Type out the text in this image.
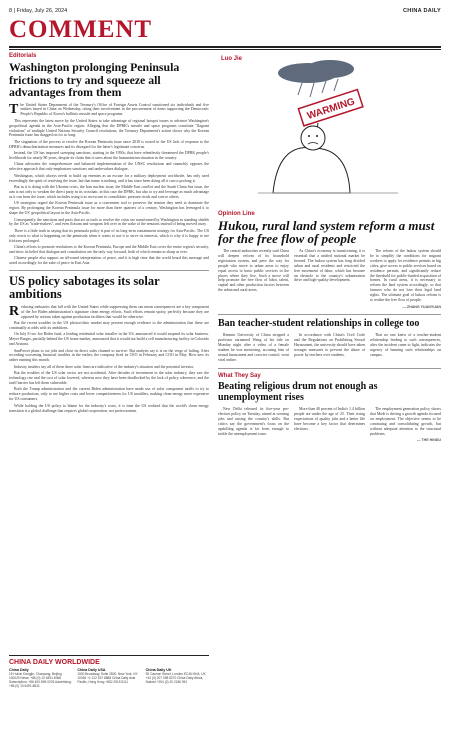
8 | Friday, July 26, 2024	CHINA DAILY
COMMENT
Editorials
Washington prolonging Peninsula frictions to try and squeeze all advantages from them
T he United States Department of the Treasury's Office of Foreign Assets Control sanctioned six individuals and five entities based in China on Wednesday, citing their involvement in the procurement of items supporting the Democratic People's Republic of Korea's ballistic missile and space programs.

This represents the latest move by the United States to take advantage of regional hotspot issues to advance Washington's geopolitical agenda in the Asia-Pacific region. Alleging that the DPRK's missile and space programs constitute "flagrant violations" of multiple United Nations Security Council resolutions, the Treasury Department's action shows why the Korean Peninsula issue has dragged on for so long.

The stagnation of the process to resolve the Korean Peninsula issue since 2018 is rooted in the US lack of response to the DPRK's denuclearization measures and its disregard for the latter's legitimate concerns.

Instead, the US has imposed sweeping sanctions, starting in the 1950s, that have relentlessly threatened the DPRK people's livelihoods for nearly 80 years, despite its claim that it cares about the humanitarian situation in the country.

China advocates the comprehensive and balanced implementation of the UNSC resolutions and staunchly opposes the selective approach that only emphasizes sanctions and undervalues dialogue.

Washington, which always needs to build up enemies as an excuse for a military deployment worldwide, has only used exceedingly the spirit of resolving the issue, but that name is nothing, and it has since been doing all it can to prolong it.

But as it is doing with the Ukraine crisis, the Iran nuclear issue, the Middle East conflict and the South China Sea issue, the aim is not only to weaken the direct party in its crosshair, in this case the DPRK, but also to try and leverage as much advantage as it can from the issue, which includes using it as an excuse to consolidate, pressure rivals and coerce others.

US strategists regard the Korean Peninsula issue as a convenient tool to preserve the tension they need to dominate the region. By prolonging the Korean Peninsula issue for more than three quarters of a century, Washington has leveraged it to shape the US' geopolitical layout in the Asia-Pacific.

Consequently, the sanctions and pacts that act as tools to resolve the crisis are transformed by Washington as standing shields by the US as "trade-makers", and even flotsam and weapons left over in the wake of the tensions instead of being moved away.

There is a little truth in saying that its peninsula policy is part of its long-term containment strategy for Asia-Pacific. The US only reacts to what is happening on the peninsula when it wants to use it to serve its interests, which is why it is happy to see frictions prolonged.

China's efforts to promote resolutions to the Korean Peninsula, Europe and the Middle East cover the entire region's security, and show its belief that dialogue and consultation are the only way forward, both of which remain as sharp as ever.

Chinese people also support an all-round interpretation of peace, and it is high time that the world heard this message and acted accordingly for the sake of peace in East Asia.

US policy sabotages its solar ambitions
R educing industries that fall with the United States while suppressing them can mean consequences are a key component of the Joe Biden administration's signature clean energy efforts. Such efforts remain spotty, perfectly because they are opposed by actions taken against production facilities that would be otherwise.

But the recent troubles in the US photovoltaic market may present enough evidence to the administration that these are continually at odds with its ambitions.

On July 8 two Joe Biden fund, a leading residential solar installer in the US, announced it would suspend its solar business. Meyer Burger, partially behind the US home market, announced that it would not build a cell manufacturing facility in Colorado and Arizona.

SunPower plans to cut jobs and close its direct sales channel to survive. But analysts say it is on the verge of failing. After recording worsening financial troubles in the earlier, the company fired its CEO in February and COO in May. How new its rather running this month.

Industry insiders say all of these three solar firms are indicative of the industry's situation and the potential investor.

But the troubles of the US solar sector are not accidental. After decades of investment in the solar industry, they saw the technology rise and the cost of solar lowered, whereas now they have been deadlocked by the lack of policy coherence, and the tariff barrier has left them vulnerable.

Both the Trump administration and the current Biden administration have made use of solar component tariffs to try to reshore production, only to see higher costs and lower competitiveness for US installers, making clean energy more expensive for US consumers.

While holding the US policy to blame for the industry's woes, it is time the US realized that the world's clean energy transition is a global challenge that requires global cooperation, not protectionism.

CHINA DAILY WORLDWIDE
China Daily
15 Huixin Dongjie, Chaoyang, Beijing 100029 News: +86 (0) 10 6491-8366 Subscription: +86 400 699-0203 Advertising: +86 (0) 10 6491-8631
China Daily USA
1500 Broadway, Suite 2800, New York, NY 10036 +1 212 537 8888 China Daily Asia Pacific, Hong Kong +852 2518 5111
China Daily UK
90 Cannon Street, London EC4N 6HA, UK +44 (0) 207 398 8270 China Daily Africa, Nairobi +254 (0) 20 2246 951
Luo Jie
WARMING
Opinion Line
Hukou, rural land system reform a must for the free flow of people

The central authorities recently said China will deepen reform of its household registration system, and pave the way for people who move to urban areas to enjoy equal access to basic public services in the places where they live. Such a move will help promote the free flow of labor, talent, capital and other production factors between the urban and rural areas.

As China's economy is transforming, it is essential that a unified national market be formed. The hukou system has long divided urban and rural residents and restricted the free movement of labor, which has become an obstacle to the country's urbanization drive and high-quality development.

The reform of the hukou system should be to simplify the conditions for migrant workers to apply for residence permits in big cities, give access to public services based on residence permits, and significantly reduce the threshold for public-funded acquisition of homes. In rural areas, it is necessary to reform the land system accordingly, so that farmers who do not lose their legal land rights. The ultimate goal of hukou reform is to realize the free flow of people.

— ZHANG YUANYUAN
Ban teacher-student relationships in college too

Renmin University of China stripped a professor surnamed Wang of his title on Monday night after a video of a female student he was mentoring, accusing him of sexual harassment and coercive control, went viral online.

In accordance with China's Civil Code and the Regulations on Prohibiting Sexual Harassment, the university should have taken stronger measures to prevent the abuse of power by teachers over students.

That no one knew of a teacher-student relationship leading to such consequences, after the incident came to light, indicates the urgency of banning such relationships on campus.

What They Say
Beating religious drum not enough as unemployment rises

New Delhi released its five-year pre-election policy on Tuesday, aimed at creating jobs and raising the country's skills. But critics say the government's focus on the upskilling agenda is far from enough to tackle the unemployment issue.

More than 40 percent of India's 1.4 billion people are under the age of 25. Their rising expectations of quality jobs and a better life have become a key factor that determines elections.

The employment generation policy shows that Modi is driving a growth agenda focused on employment. The objective seems to be continuing and consolidating growth, but without adequate attention to the structural problems.

— THE HINDU
